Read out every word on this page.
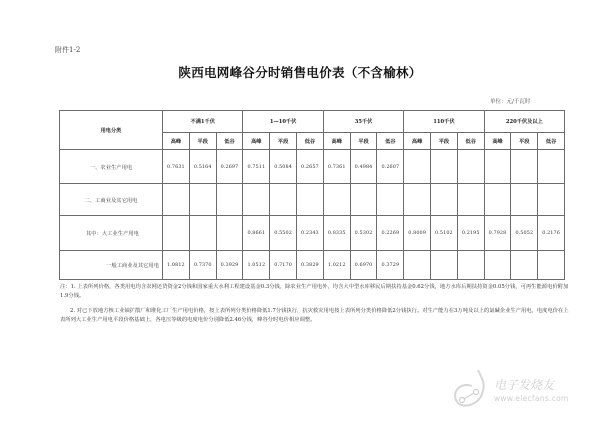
附件1-2
陕西电网峰谷分时销售电价表（不含榆林）
单位：元/千瓦时
用电分类	不满1千伏			1—10千伏			35千伏			110千伏			220千伏及以上		
	高峰	平段	低谷	高峰	平段	低谷	高峰	平段	低谷	高峰	平段	低谷	高峰	平段	低谷
一、农业生产用电	0.7631	0.5164	0.2697	0.7511	0.5084	0.2657	0.7361	0.4984	0.2607						
二、工商业及其它用电															
其中：大工业生产用电				0.8661	0.5502	0.2343	0.8335	0.5302	0.2269	0.8009	0.5102	0.2195	0.7928	0.5052	0.2176
一般工商业及其它用电	1.0812	0.7370	0.3929	1.0512	0.7170	0.3829	1.0212	0.6970	0.3729						

注：1. 上表所列价格，各类用电均含农网还贷资金2分钱和国家重大水利工程建设基金0.3分钱，除农业生产用电外，均含大中型水库移民后期扶持基金0.62分钱，地方水库后期扶持资金0.05分钱，可再生能源电价附加1.9分钱。

2. 对已下放地方核工业铀扩散厂和堆化工厂生产用电价格，按上表所列分类价格降低1.7分钱执行，抗灾救灾用电按上表所列分类价格降低2分钱执行。对生产能力在3万吨及以上的氯碱企业生产用电，电度电价在上表所列大工业生产用电平段价格基础上，各电压等级的电度电价分别降低2.46分钱，峰谷分时电价相应调整。

电子发烧友
www.elecfans.com
